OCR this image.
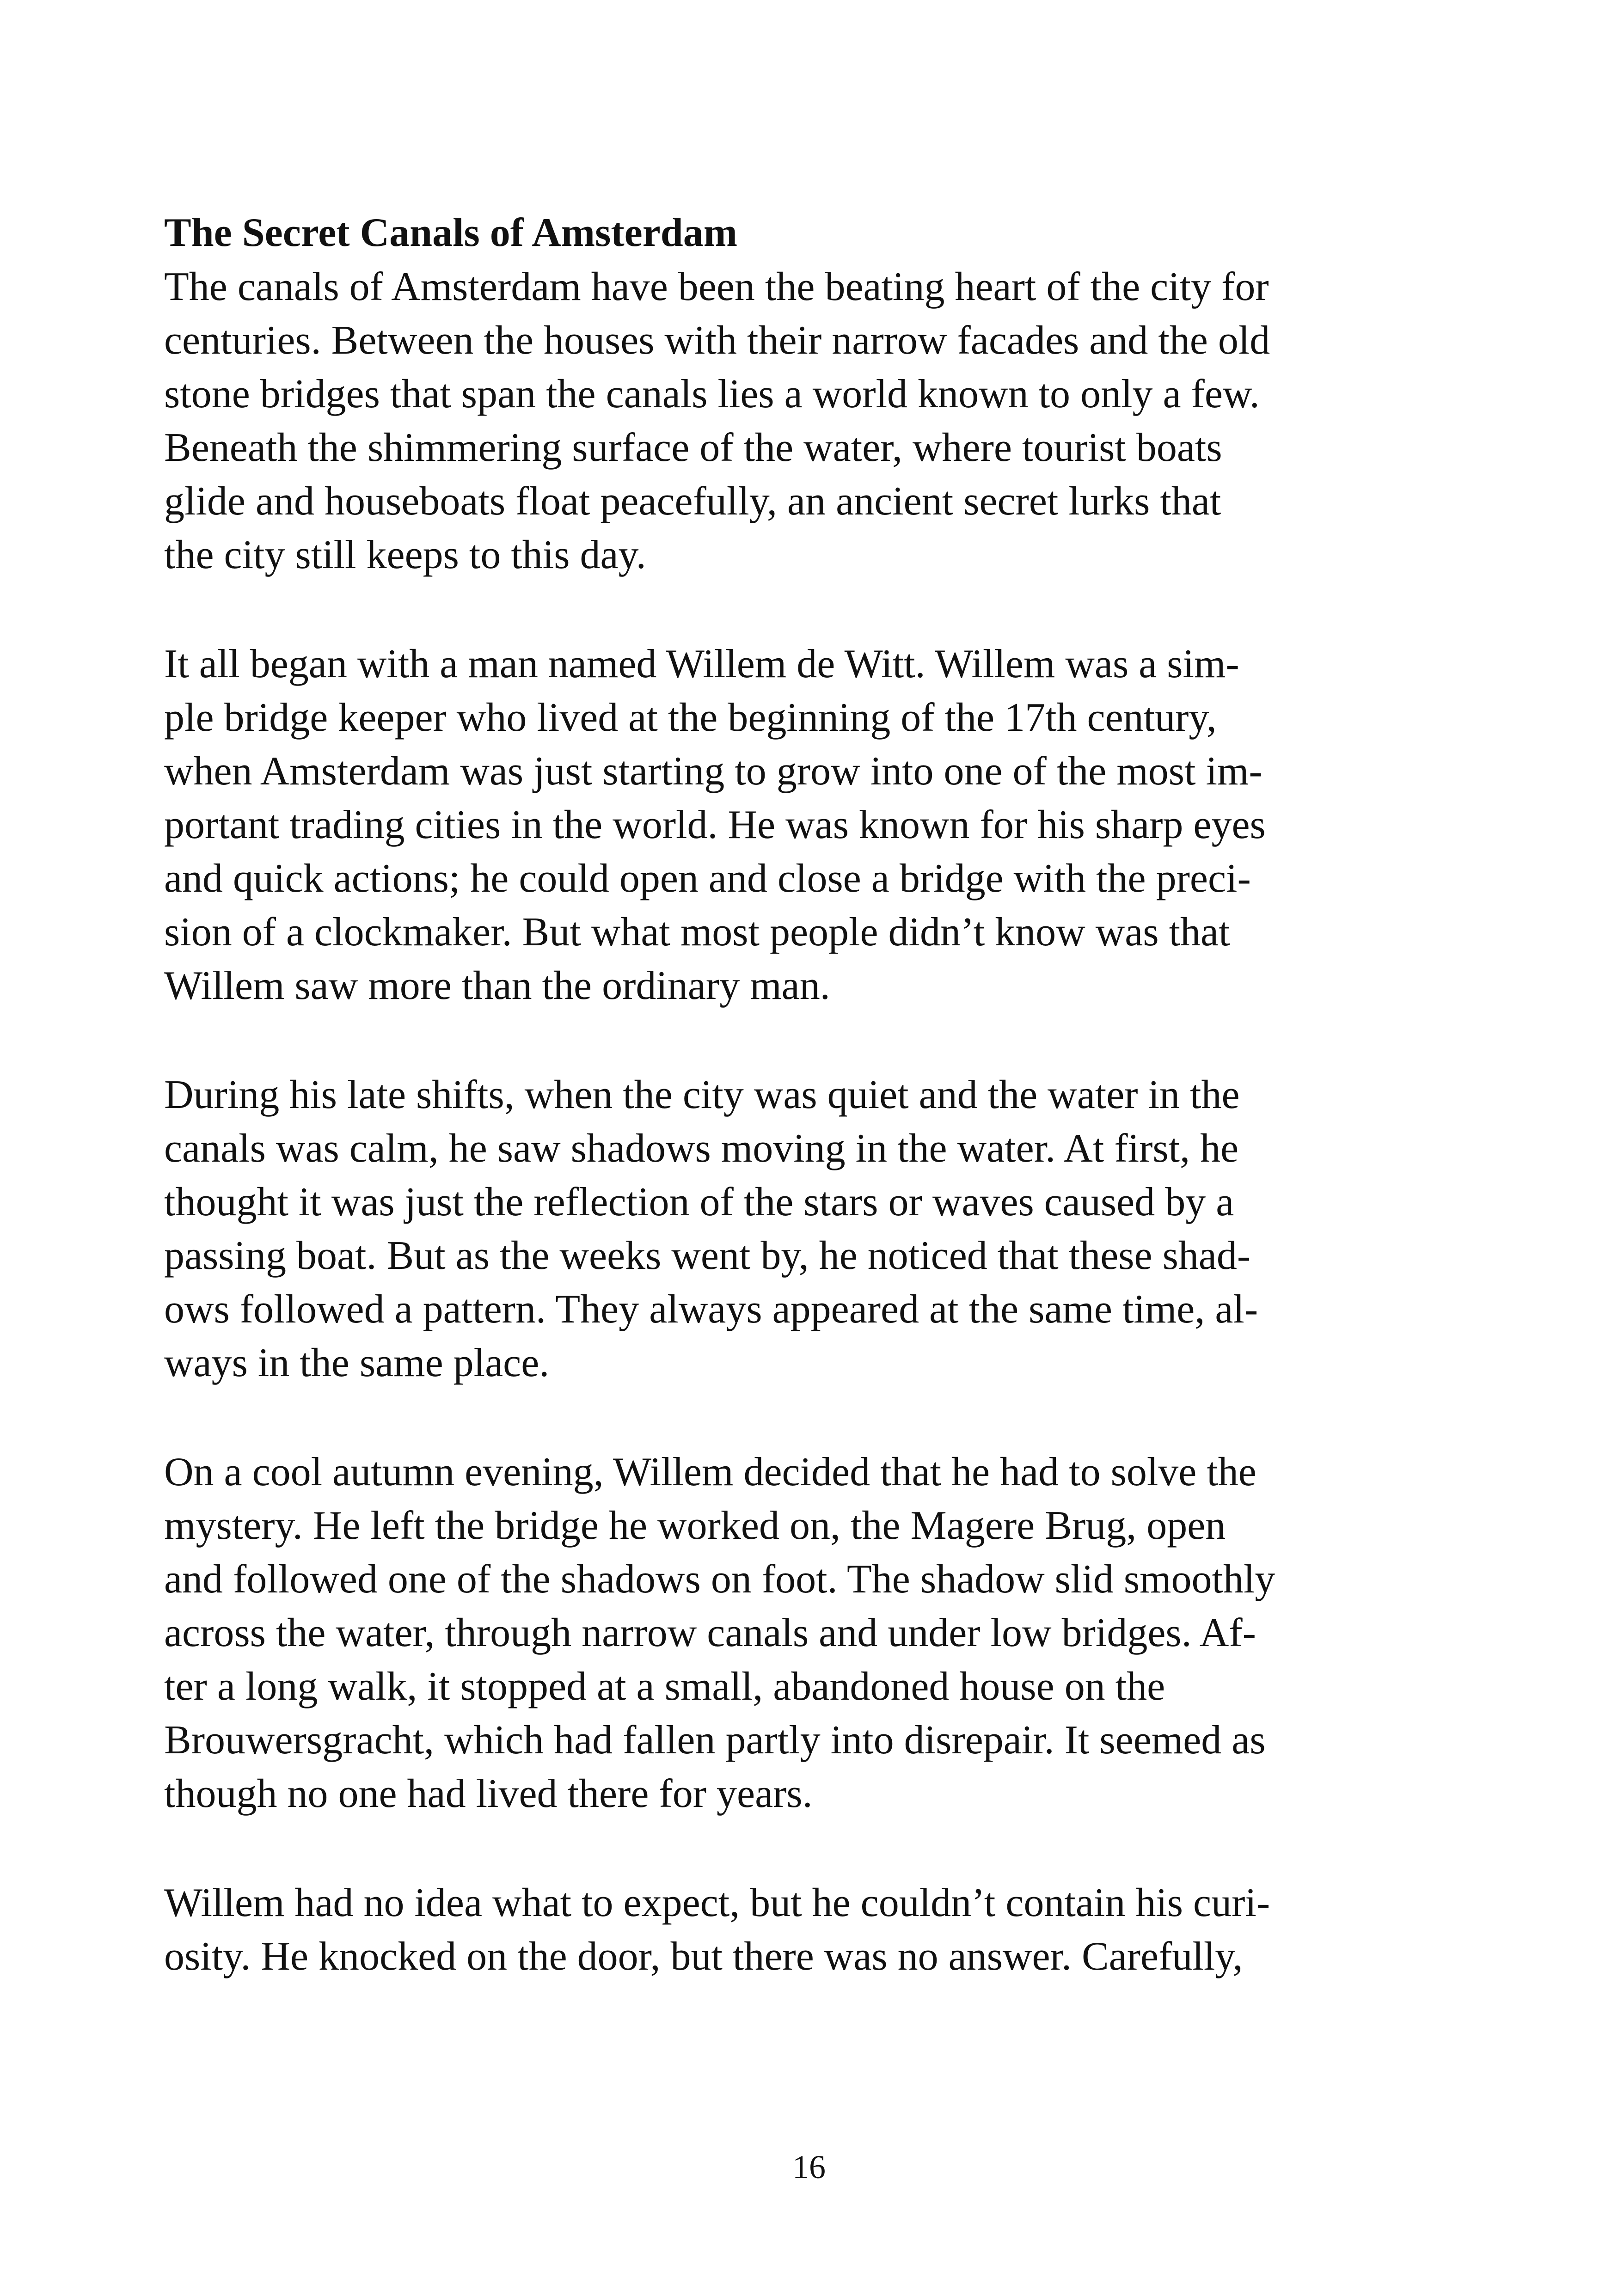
The Secret Canals of Amsterdam

The canals of Amsterdam have been the beating heart of the city for
centuries. Between the houses with their narrow facades and the old
stone bridges that span the canals lies a world known to only a few.
Beneath the shimmering surface of the water, where tourist boats
glide and houseboats float peacefully, an ancient secret lurks that
the city still keeps to this day.

It all began with a man named Willem de Witt. Willem was a sim-
ple bridge keeper who lived at the beginning of the 17th century,
when Amsterdam was just starting to grow into one of the most im-
portant trading cities in the world. He was known for his sharp eyes
and quick actions; he could open and close a bridge with the preci-
sion of a clockmaker. But what most people didn’t know was that
Willem saw more than the ordinary man.

During his late shifts, when the city was quiet and the water in the
canals was calm, he saw shadows moving in the water. At first, he
thought it was just the reflection of the stars or waves caused by a
passing boat. But as the weeks went by, he noticed that these shad-
ows followed a pattern. They always appeared at the same time, al-
ways in the same place.

On a cool autumn evening, Willem decided that he had to solve the
mystery. He left the bridge he worked on, the Magere Brug, open
and followed one of the shadows on foot. The shadow slid smoothly
across the water, through narrow canals and under low bridges. Af-
ter a long walk, it stopped at a small, abandoned house on the
Brouwersgracht, which had fallen partly into disrepair. It seemed as
though no one had lived there for years.

Willem had no idea what to expect, but he couldn’t contain his curi-
osity. He knocked on the door, but there was no answer. Carefully,

16
